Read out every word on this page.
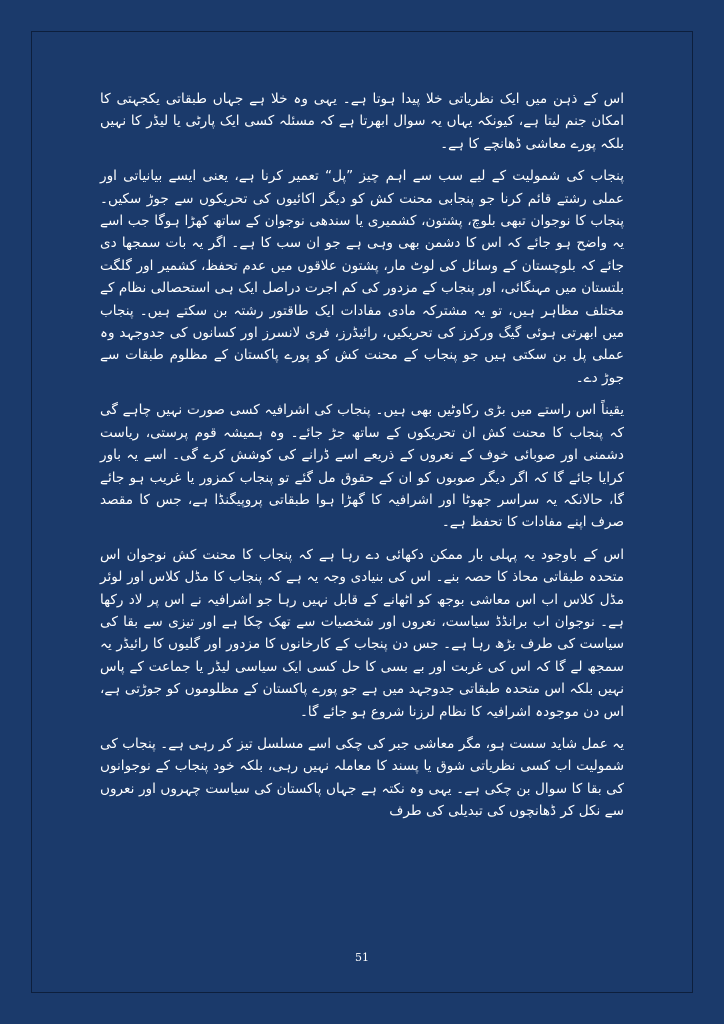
اس کے ذہن میں ایک نظریاتی خلا پیدا ہوتا ہے۔ یہی وہ خلا ہے جہاں طبقاتی یکجہتی کا امکان جنم لیتا ہے، کیونکہ یہاں یہ سوال ابھرتا ہے کہ مسئلہ کسی ایک پارٹی یا لیڈر کا نہیں بلکہ پورے معاشی ڈھانچے کا ہے۔

پنجاب کی شمولیت کے لیے سب سے اہم چیز ”پل“ تعمیر کرنا ہے، یعنی ایسے بیانیاتی اور عملی رشتے قائم کرنا جو پنجابی محنت کش کو دیگر اکائیوں کی تحریکوں سے جوڑ سکیں۔ پنجاب کا نوجوان تبھی بلوچ، پشتون، کشمیری یا سندھی نوجوان کے ساتھ کھڑا ہوگا جب اسے یہ واضح ہو جائے کہ اس کا دشمن بھی وہی ہے جو ان سب کا ہے۔ اگر یہ بات سمجھا دی جائے کہ بلوچستان کے وسائل کی لوٹ مار، پشتون علاقوں میں عدم تحفظ، کشمیر اور گلگت بلتستان میں مہنگائی، اور پنجاب کے مزدور کی کم اجرت دراصل ایک ہی استحصالی نظام کے مختلف مظاہر ہیں، تو یہ مشترکہ مادی مفادات ایک طاقتور رشتہ بن سکتے ہیں۔ پنجاب میں ابھرتی ہوئی گیگ ورکرز کی تحریکیں، رائیڈرز، فری لانسرز اور کسانوں کی جدوجہد وہ عملی پل بن سکتی ہیں جو پنجاب کے محنت کش کو پورے پاکستان کے مظلوم طبقات سے جوڑ دے۔

یقیناً اس راستے میں بڑی رکاوٹیں بھی ہیں۔ پنجاب کی اشرافیہ کسی صورت نہیں چاہے گی کہ پنجاب کا محنت کش ان تحریکوں کے ساتھ جڑ جائے۔ وہ ہمیشہ قوم پرستی، ریاست دشمنی اور صوبائی خوف کے نعروں کے ذریعے اسے ڈرانے کی کوشش کرے گی۔ اسے یہ باور کرایا جائے گا کہ اگر دیگر صوبوں کو ان کے حقوق مل گئے تو پنجاب کمزور یا غریب ہو جائے گا، حالانکہ یہ سراسر جھوٹا اور اشرافیہ کا گھڑا ہوا طبقاتی پروپیگنڈا ہے، جس کا مقصد صرف اپنے مفادات کا تحفظ ہے۔

اس کے باوجود یہ پہلی بار ممکن دکھائی دے رہا ہے کہ پنجاب کا محنت کش نوجوان اس متحدہ طبقاتی محاذ کا حصہ بنے۔ اس کی بنیادی وجہ یہ ہے کہ پنجاب کا مڈل کلاس اور لوئر مڈل کلاس اب اس معاشی بوجھ کو اٹھانے کے قابل نہیں رہا جو اشرافیہ نے اس پر لاد رکھا ہے۔ نوجوان اب برانڈڈ سیاست، نعروں اور شخصیات سے تھک چکا ہے اور تیزی سے بقا کی سیاست کی طرف بڑھ رہا ہے۔ جس دن پنجاب کے کارخانوں کا مزدور اور گلیوں کا رائیڈر یہ سمجھ لے گا کہ اس کی غربت اور بے بسی کا حل کسی ایک سیاسی لیڈر یا جماعت کے پاس نہیں بلکہ اس متحدہ طبقاتی جدوجہد میں ہے جو پورے پاکستان کے مظلوموں کو جوڑتی ہے، اس دن موجودہ اشرافیہ کا نظام لرزنا شروع ہو جائے گا۔

یہ عمل شاید سست ہو، مگر معاشی جبر کی چکی اسے مسلسل تیز کر رہی ہے۔ پنجاب کی شمولیت اب کسی نظریاتی شوق یا پسند کا معاملہ نہیں رہی، بلکہ خود پنجاب کے نوجوانوں کی بقا کا سوال بن چکی ہے۔ یہی وہ نکتہ ہے جہاں پاکستان کی سیاست چہروں اور نعروں سے نکل کر ڈھانچوں کی تبدیلی کی طرف

51
